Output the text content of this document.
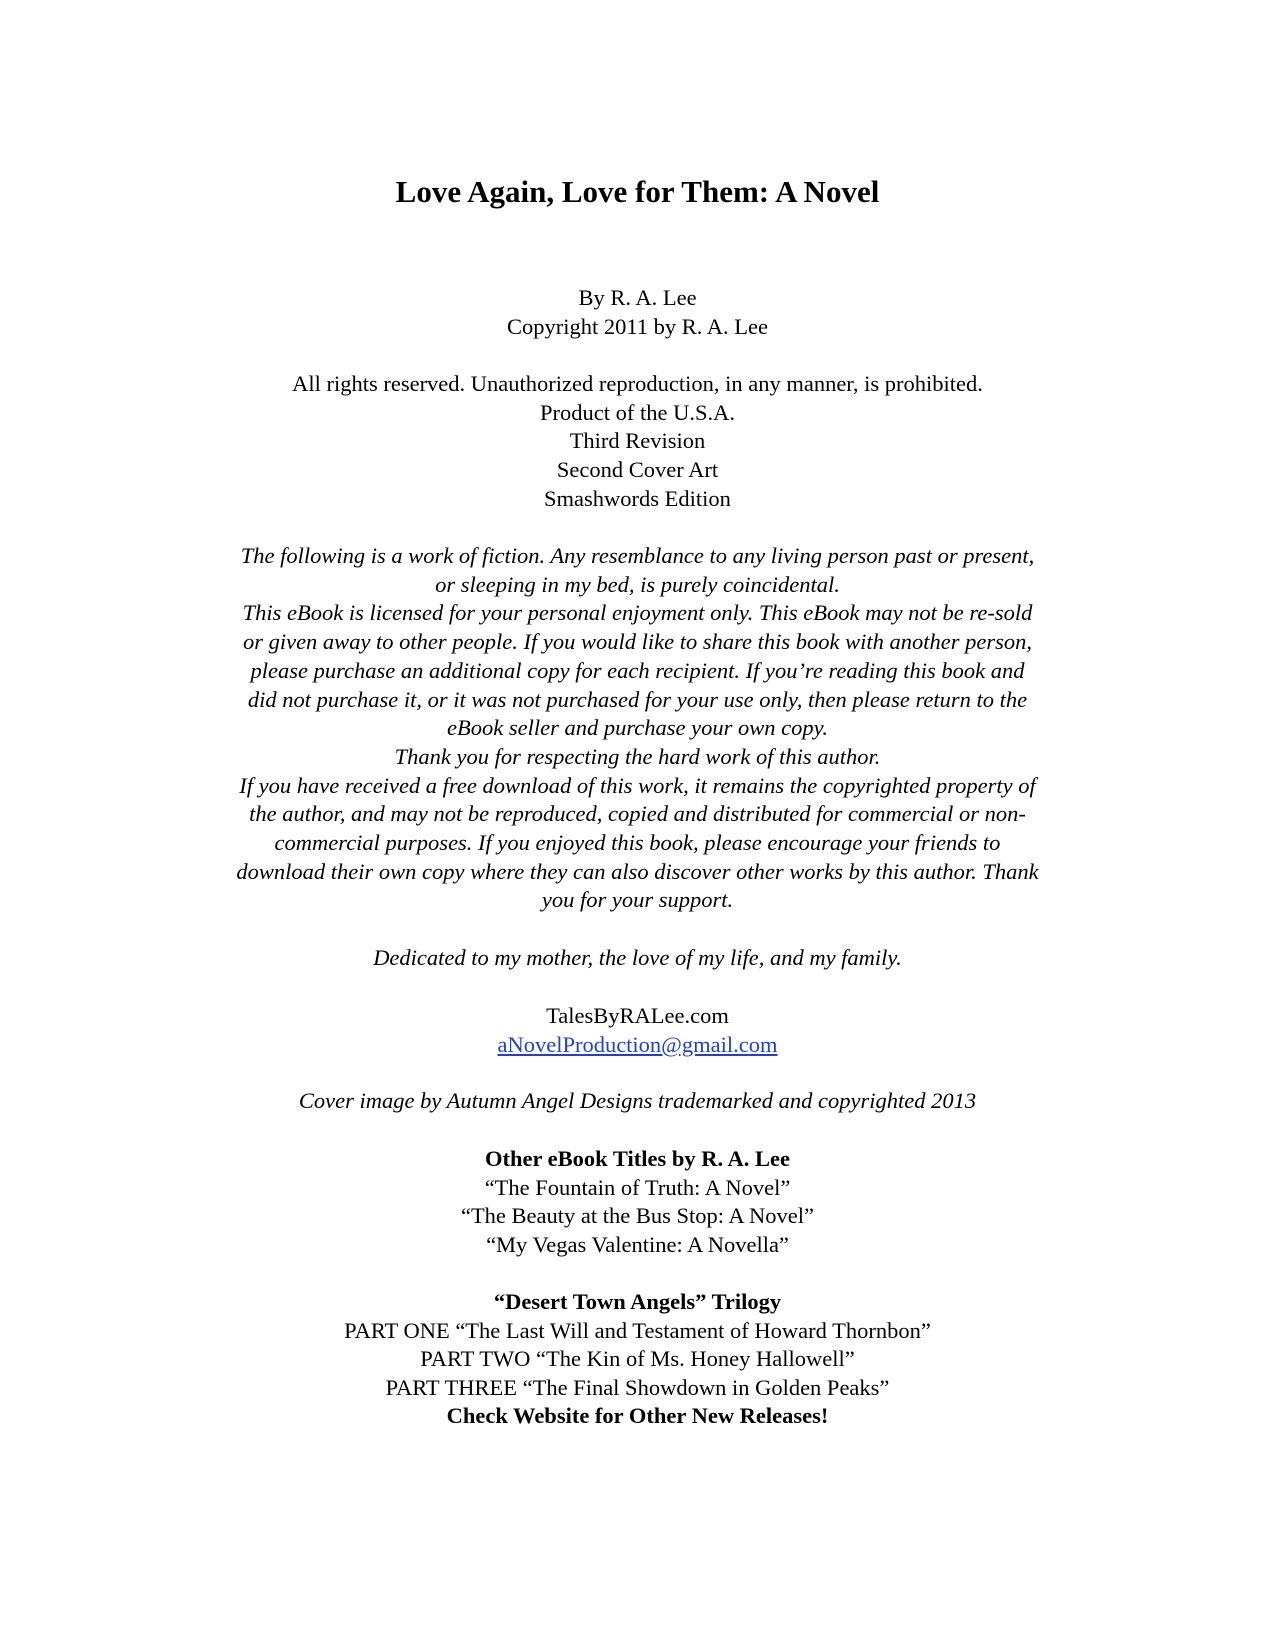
Love Again, Love for Them: A Novel
By R. A. Lee
Copyright 2011 by R. A. Lee
All rights reserved. Unauthorized reproduction, in any manner, is prohibited.
Product of the U.S.A.
Third Revision
Second Cover Art
Smashwords Edition
The following is a work of fiction. Any resemblance to any living person past or present,
or sleeping in my bed, is purely coincidental.
This eBook is licensed for your personal enjoyment only. This eBook may not be re-sold
or given away to other people. If you would like to share this book with another person,
please purchase an additional copy for each recipient. If you’re reading this book and
did not purchase it, or it was not purchased for your use only, then please return to the
eBook seller and purchase your own copy.
Thank you for respecting the hard work of this author.
If you have received a free download of this work, it remains the copyrighted property of
the author, and may not be reproduced, copied and distributed for commercial or non-
commercial purposes. If you enjoyed this book, please encourage your friends to
download their own copy where they can also discover other works by this author. Thank
you for your support.
Dedicated to my mother, the love of my life, and my family.
TalesByRALee.com
aNovelProduction@gmail.com
Cover image by Autumn Angel Designs trademarked and copyrighted 2013
Other eBook Titles by R. A. Lee
“The Fountain of Truth: A Novel”
“The Beauty at the Bus Stop: A Novel”
“My Vegas Valentine: A Novella”
“Desert Town Angels” Trilogy
PART ONE “The Last Will and Testament of Howard Thornbon”
PART TWO “The Kin of Ms. Honey Hallowell”
PART THREE “The Final Showdown in Golden Peaks”
Check Website for Other New Releases!
